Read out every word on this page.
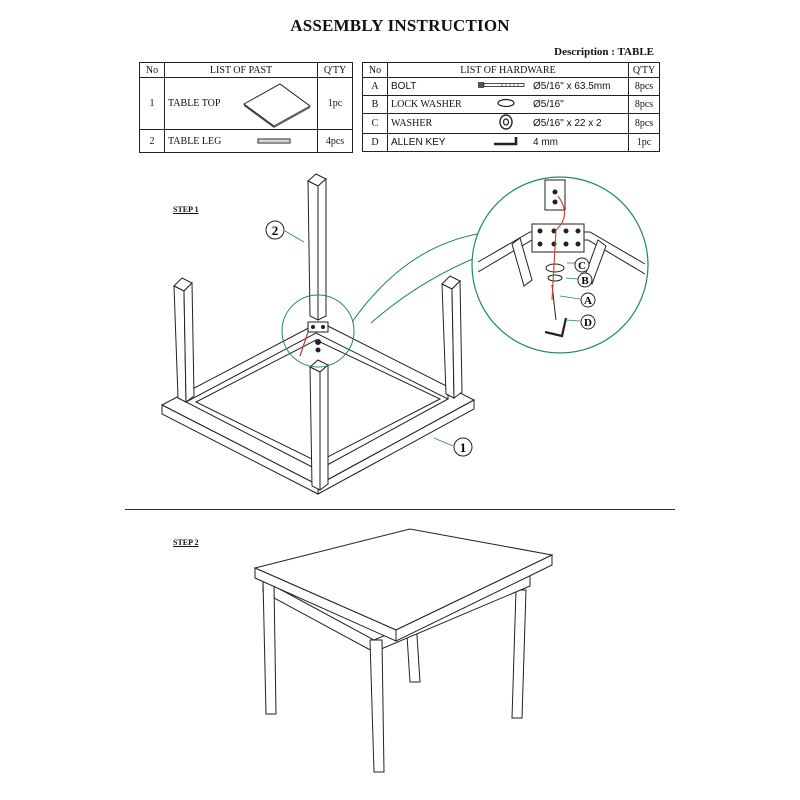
ASSEMBLY INSTRUCTION
Description : TABLE
No	LIST OF PAST	Q'TY
1	TABLE TOP	1pc
2	TABLE LEG	4pcs
No	LIST OF HARDWARE			Q'TY
A	BOLT		Ø5/16" x 63.5mm	8pcs
B	LOCK WASHER		Ø5/16"	8pcs
C	WASHER		Ø5/16" x 22 x 2	8pcs
D	ALLEN KEY		4 mm	1pc
STEP 1
C
B
A
D
2
1
STEP 2
